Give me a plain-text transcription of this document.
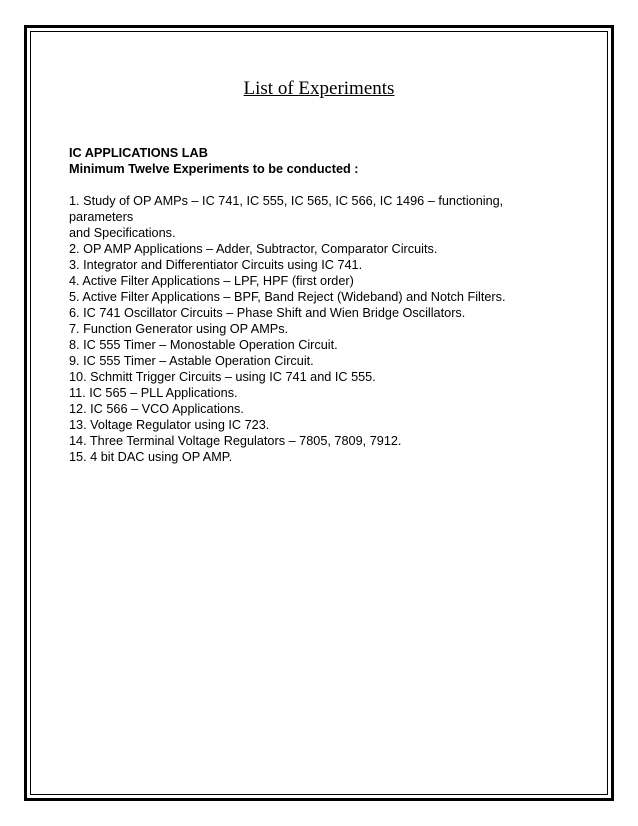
List of Experiments
IC APPLICATIONS LAB
Minimum Twelve Experiments to be conducted :
1. Study of OP AMPs – IC 741, IC 555, IC 565, IC 566, IC 1496 – functioning,
parameters
and Specifications.
2. OP AMP Applications – Adder, Subtractor, Comparator Circuits.
3. Integrator and Differentiator Circuits using IC 741.
4. Active Filter Applications – LPF, HPF (first order)
5. Active Filter Applications – BPF, Band Reject (Wideband) and Notch Filters.
6. IC 741 Oscillator Circuits – Phase Shift and Wien Bridge Oscillators.
7. Function Generator using OP AMPs.
8. IC 555 Timer – Monostable Operation Circuit.
9. IC 555 Timer – Astable Operation Circuit.
10. Schmitt Trigger Circuits – using IC 741 and IC 555.
11. IC 565 – PLL Applications.
12. IC 566 – VCO Applications.
13. Voltage Regulator using IC 723.
14. Three Terminal Voltage Regulators – 7805, 7809, 7912.
15. 4 bit DAC using OP AMP.
